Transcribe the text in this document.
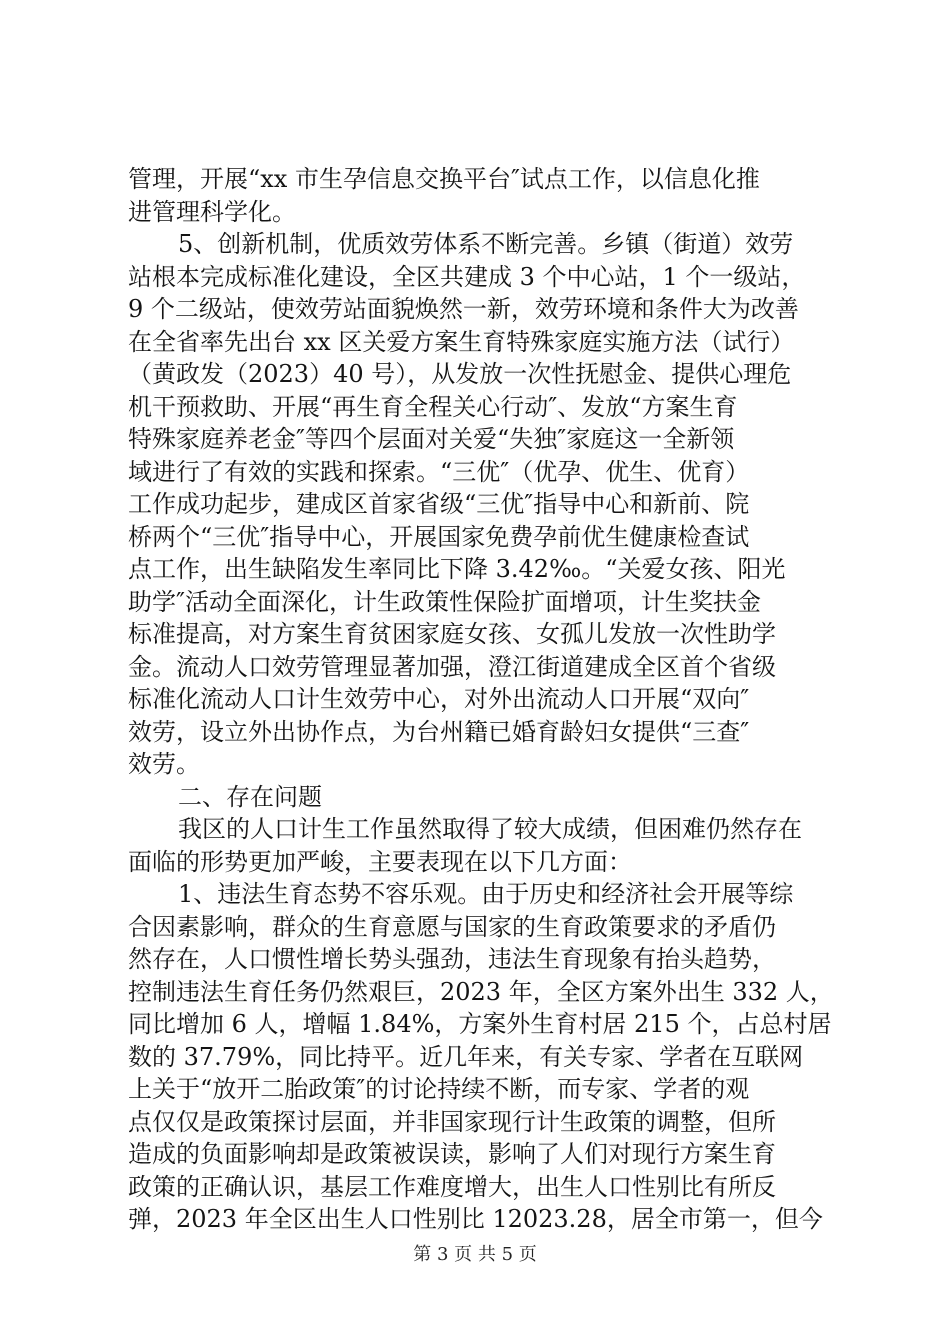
管理，开展“xx 市生孕信息交换平台″试点工作，以信息化推
进管理科学化。
5、创新机制，优质效劳体系不断完善。乡镇（街道）效劳
站根本完成标准化建设，全区共建成 3 个中心站，1 个一级站，
9 个二级站，使效劳站面貌焕然一新，效劳环境和条件大为改善
在全省率先出台 xx 区关爱方案生育特殊家庭实施方法（试行）
（黄政发（2023）40 号），从发放一次性抚慰金、提供心理危
机干预救助、开展“再生育全程关心行动″、发放“方案生育
特殊家庭养老金″等四个层面对关爱“失独″家庭这一全新领
域进行了有效的实践和探索。“三优″（优孕、优生、优育）
工作成功起步，建成区首家省级“三优″指导中心和新前、院
桥两个“三优″指导中心，开展国家免费孕前优生健康检查试
点工作，出生缺陷发生率同比下降 3.42‰。“关爱女孩、阳光
助学″活动全面深化，计生政策性保险扩面增项，计生奖扶金
标准提高，对方案生育贫困家庭女孩、女孤儿发放一次性助学
金。流动人口效劳管理显著加强，澄江街道建成全区首个省级
标准化流动人口计生效劳中心，对外出流动人口开展“双向″
效劳，设立外出协作点，为台州籍已婚育龄妇女提供“三查″
效劳。
二、存在问题
我区的人口计生工作虽然取得了较大成绩，但困难仍然存在
面临的形势更加严峻，主要表现在以下几方面：
1、违法生育态势不容乐观。由于历史和经济社会开展等综
合因素影响，群众的生育意愿与国家的生育政策要求的矛盾仍
然存在，人口惯性增长势头强劲，违法生育现象有抬头趋势，
控制违法生育任务仍然艰巨，2023 年，全区方案外出生 332 人，
同比增加 6 人，增幅 1.84%，方案外生育村居 215 个，占总村居
数的 37.79%，同比持平。近几年来，有关专家、学者在互联网
上关于“放开二胎政策″的讨论持续不断，而专家、学者的观
点仅仅是政策探讨层面，并非国家现行计生政策的调整，但所
造成的负面影响却是政策被误读，影响了人们对现行方案生育
政策的正确认识，基层工作难度增大，出生人口性别比有所反
弹，2023 年全区出生人口性别比 12023.28，居全市第一，但今
第 3 页 共 5 页
